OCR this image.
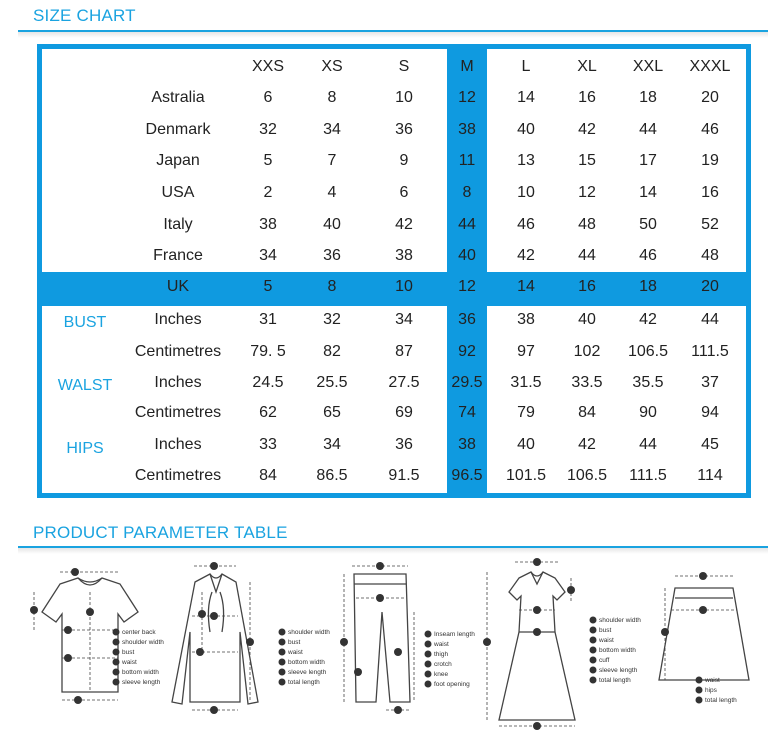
SIZE CHART
XXS	XS	S	M	L	XL	XXL	XXXL
Astralia	6	8	10	12	14	16	18	20
Denmark	32	34	36	38	40	42	44	46
Japan	5	7	9	11	13	15	17	19
USA	2	4	6	8	10	12	14	16
Italy	38	40	42	44	46	48	50	52
France	34	36	38	40	42	44	46	48
UK	5	8	10	12	14	16	18	20
BUST	Inches	31	32	34	36	38	40	42	44
Centimetres	79. 5	82	87	92	97	102	106.5	111.5
WALST	Inches	24.5	25.5	27.5	29.5	31.5	33.5	35.5	37
Centimetres	62	65	69	74	79	84	90	94
HIPS	Inches	33	34	36	38	40	42	44	45
Centimetres	84	86.5	91.5	96.5	101.5	106.5	111.5	114
PRODUCT PARAMETER TABLE
center back
shoulder width
bust
waist
bottom width
sleeve length
shoulder width
bust
waist
bottom width
sleeve length
total length
Inseam length
waist
thigh
crotch
knee
foot opening
shoulder width
bust
waist
bottom width
cuff
sleeve length
total length	waist
hips
total length
